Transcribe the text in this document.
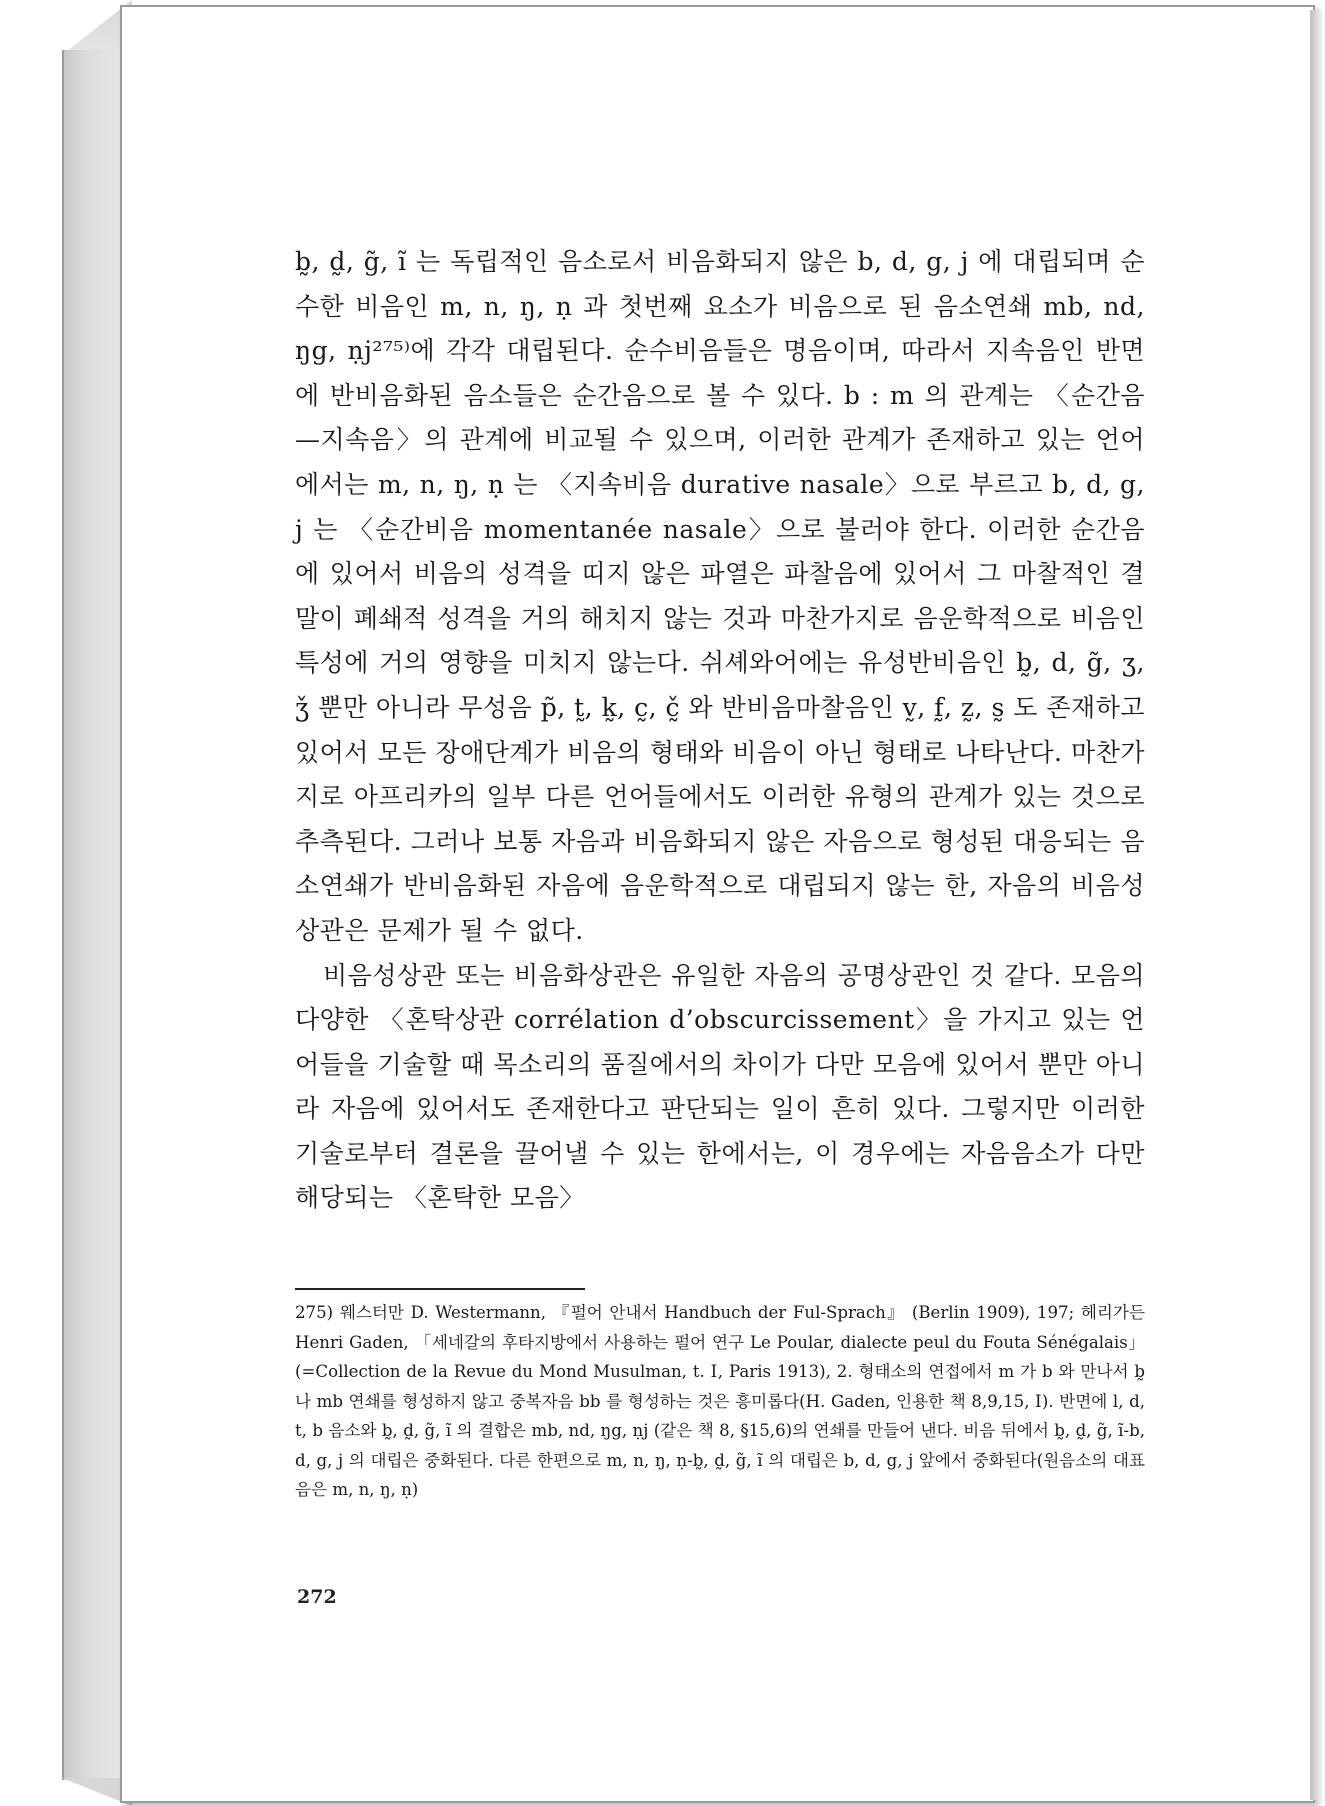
b̰, d̰, g̃, ĩ 는 독립적인 음소로서 비음화되지 않은 b, d, g, j 에 대립되며 순수한 비음인 m, n, ŋ, ṇ 과 첫번째 요소가 비음으로 된 음소연쇄 mb, nd, ŋg, ṇj²⁷⁵⁾에 각각 대립된다. 순수비음들은 명음이며, 따라서 지속음인 반면에 반비음화된 음소들은 순간음으로 볼 수 있다. b : m 의 관계는 〈순간음—지속음〉의 관계에 비교될 수 있으며, 이러한 관계가 존재하고 있는 언어에서는 m, n, ŋ, ṇ 는 〈지속비음 durative nasale〉으로 부르고 b, d, g, j 는 〈순간비음 momentanée nasale〉으로 불러야 한다. 이러한 순간음에 있어서 비음의 성격을 띠지 않은 파열은 파찰음에 있어서 그 마찰적인 결말이 폐쇄적 성격을 거의 해치지 않는 것과 마찬가지로 음운학적으로 비음인 특성에 거의 영향을 미치지 않는다. 쉬셰와어에는 유성반비음인 b̰, d, g̃, ʒ, ǯ 뿐만 아니라 무성음 p̃, t̰, k̰, c̰, č̰ 와 반비음마찰음인 v̰, f̰, z̰, s̰ 도 존재하고 있어서 모든 장애단계가 비음의 형태와 비음이 아닌 형태로 나타난다. 마찬가지로 아프리카의 일부 다른 언어들에서도 이러한 유형의 관계가 있는 것으로 추측된다. 그러나 보통 자음과 비음화되지 않은 자음으로 형성된 대응되는 음소연쇄가 반비음화된 자음에 음운학적으로 대립되지 않는 한, 자음의 비음성상관은 문제가 될 수 없다.

비음성상관 또는 비음화상관은 유일한 자음의 공명상관인 것 같다. 모음의 다양한 〈혼탁상관 corrélation d’obscurcissement〉을 가지고 있는 언어들을 기술할 때 목소리의 품질에서의 차이가 다만 모음에 있어서 뿐만 아니라 자음에 있어서도 존재한다고 판단되는 일이 흔히 있다. 그렇지만 이러한 기술로부터 결론을 끌어낼 수 있는 한에서는, 이 경우에는 자음음소가 다만 해당되는 〈혼탁한 모음〉

275) 웨스터만 D. Westermann, 『펄어 안내서 Handbuch der Ful-Sprach』 (Berlin 1909), 197; 헤리가든 Henri Gaden, 「세네갈의 후타지방에서 사용하는 펄어 연구 Le Poular, dialecte peul du Fouta Sénégalais」 (=Collection de la Revue du Mond Musulman, t. Ⅰ, Paris 1913), 2. 형태소의 연접에서 m 가 b 와 만나서 b̰ 나 mb 연쇄를 형성하지 않고 중복자음 bb 를 형성하는 것은 흥미롭다(H. Gaden, 인용한 책 8,9,15, Ⅰ). 반면에 l, d, t, b 음소와 b̰, d̰, g̃, ĩ 의 결합은 mb, nd, ŋg, ṇj (같은 책 8, §15,6)의 연쇄를 만들어 낸다. 비음 뒤에서 b̰, d̰, g̃, ĩ-b, d, g, j 의 대립은 중화된다. 다른 한편으로 m, n, ŋ, ṇ-b̰, d̰, g̃, ĩ 의 대립은 b, d, g, j 앞에서 중화된다(원음소의 대표음은 m, n, ŋ, ṇ)

272
